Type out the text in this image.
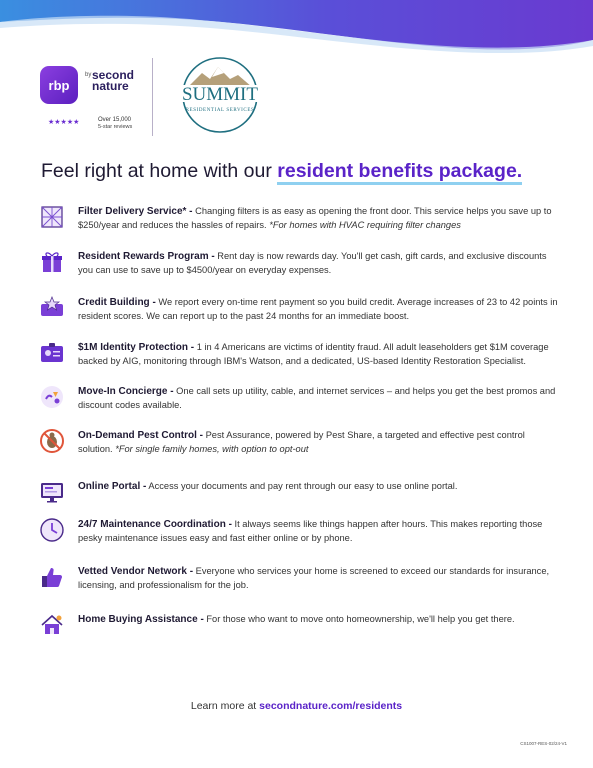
rbp
by second nature
★★★★★	Over 15,000
5-star reviews
SUMMIT
RESIDENTIAL SERVICES
Feel right at home with our resident benefits package.
Filter Delivery Service* - Changing filters is as easy as opening the front door. This service helps you save up to $250/year and reduces the hassles of repairs. *For homes with HVAC requiring filter changes
Resident Rewards Program - Rent day is now rewards day. You'll get cash, gift cards, and exclusive discounts you can use to save up to $4500/year on everyday expenses.
Credit Building - We report every on-time rent payment so you build credit. Average increases of 23 to 42 points in resident scores. We can report up to the past 24 months for an immediate boost.
$1M Identity Protection - 1 in 4 Americans are victims of identity fraud. All adult leaseholders get $1M coverage backed by AIG, monitoring through IBM's Watson, and a dedicated, US-based Identity Restoration Specialist.
Move-In Concierge - One call sets up utility, cable, and internet services – and helps you get the best promos and discount codes available.
On-Demand Pest Control - Pest Assurance, powered by Pest Share, a targeted and effective pest control solution. *For single family homes, with option to opt-out
Online Portal - Access your documents and pay rent through our easy to use online portal.
24/7 Maintenance Coordination - It always seems like things happen after hours. This makes reporting those pesky maintenance issues easy and fast either online or by phone.
Vetted Vendor Network - Everyone who services your home is screened to exceed our standards for insurance, licensing, and professionalism for the job.
Home Buying Assistance - For those who want to move onto homeownership, we'll help you get there.
Learn more at secondnature.com/residents
CS1007-RES-02/24-V1
